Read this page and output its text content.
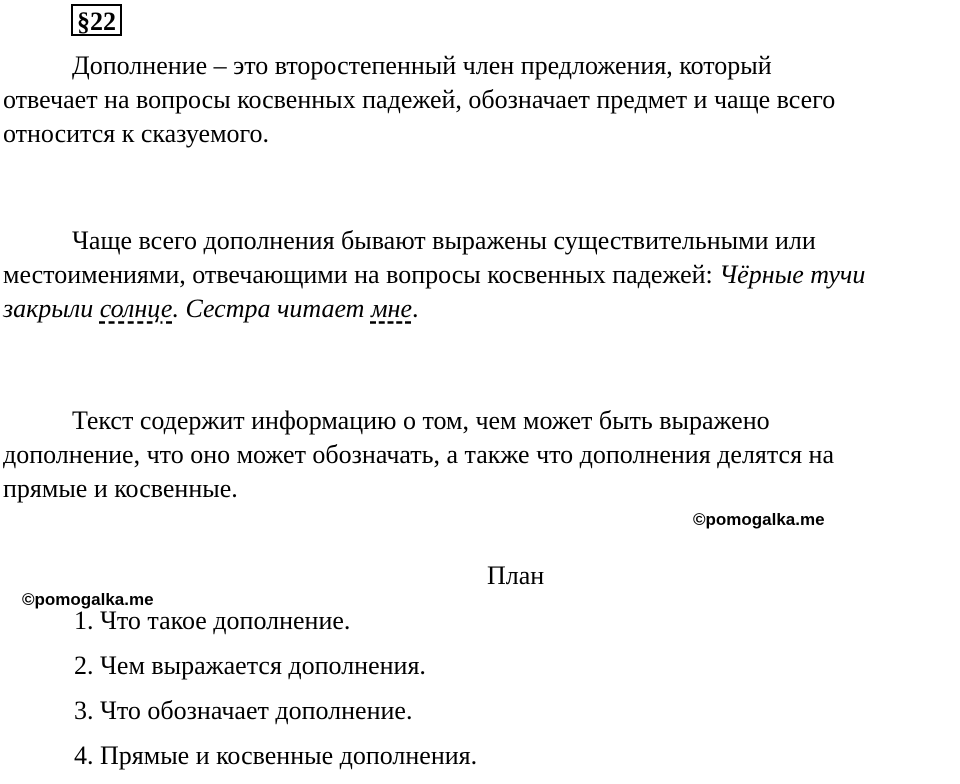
§22

Дополнение – это второстепенный член предложения, который
отвечает на вопросы косвенных падежей, обозначает предмет и чаще всего
относится к сказуемого.

Чаще всего дополнения бывают выражены существительными или
местоимениями, отвечающими на вопросы косвенных падежей: Чёрные тучи
закрыли солнце. Сестра читает мне.

Текст содержит информацию о том, чем может быть выражено
дополнение, что оно может обозначать, а также что дополнения делятся на
прямые и косвенные.

©pomogalka.me
План
©pomogalka.me
1. Что такое дополнение.
2. Чем выражается дополнения.
3. Что обозначает дополнение.
4. Прямые и косвенные дополнения.
